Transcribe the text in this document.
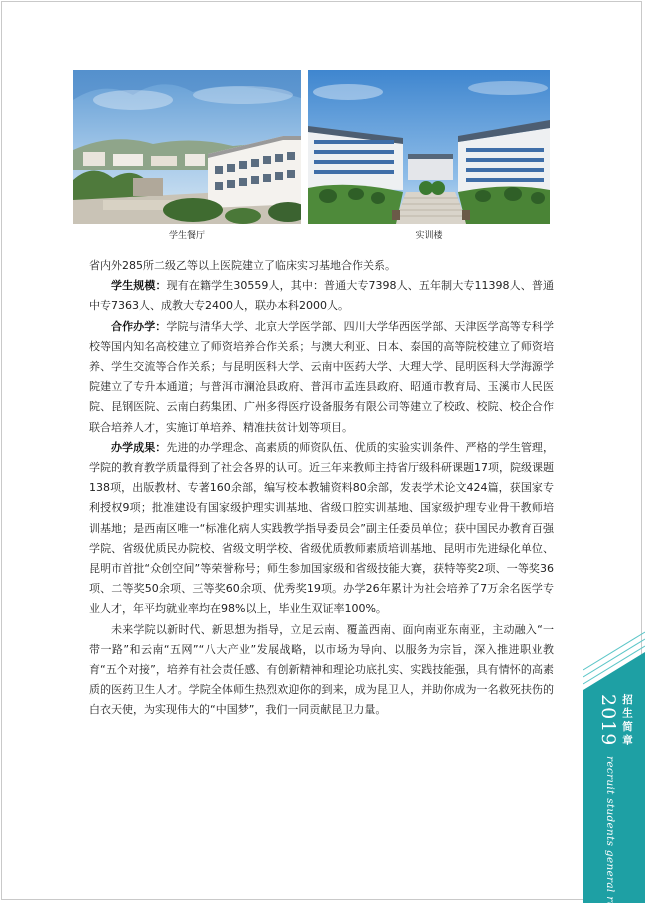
学生餐厅	实训楼

省内外285所二级乙等以上医院建立了临床实习基地合作关系。

学生规模：现有在籍学生30559人，其中：普通大专7398人、五年制大专11398人、普通中专7363人、成教大专2400人，联办本科2000人。

合作办学：学院与清华大学、北京大学医学部、四川大学华西医学部、天津医学高等专科学校等国内知名高校建立了师资培养合作关系；与澳大利亚、日本、泰国的高等院校建立了师资培养、学生交流等合作关系；与昆明医科大学、云南中医药大学、大理大学、昆明医科大学海源学院建立了专升本通道；与普洱市澜沧县政府、普洱市孟连县政府、昭通市教育局、玉溪市人民医院、昆钢医院、云南白药集团、广州多得医疗设备服务有限公司等建立了校政、校院、校企合作联合培养人才，实施订单培养、精准扶贫计划等项目。

办学成果：先进的办学理念、高素质的师资队伍、优质的实验实训条件、严格的学生管理，学院的教育教学质量得到了社会各界的认可。近三年来教师主持省厅级科研课题17项，院级课题138项，出版教材、专著160余部，编写校本教辅资料80余部，发表学术论文424篇，获国家专利授权9项；批准建设有国家级护理实训基地、省级口腔实训基地、国家级护理专业骨干教师培训基地；是西南区唯一“标准化病人实践教学指导委员会”副主任委员单位；获中国民办教育百强学院、省级优质民办院校、省级文明学校、省级优质教师素质培训基地、昆明市先进绿化单位、昆明市首批“众创空间”等荣誉称号；师生参加国家级和省级技能大赛，获特等奖2项、一等奖36项、二等奖50余项、三等奖60余项、优秀奖19项。办学26年累计为社会培养了7万余名医学专业人才，年平均就业率均在98%以上，毕业生双证率100%。

未来学院以新时代、新思想为指导，立足云南、覆盖西南、面向南亚东南亚，主动融入“一带一路”和云南“五网”“八大产业”发展战略，以市场为导向、以服务为宗旨，深入推进职业教育“五个对接”，培养有社会责任感、有创新精神和理论功底扎实、实践技能强，具有情怀的高素质的医药卫生人才。学院全体师生热烈欢迎你的到来，成为昆卫人，并助你成为一名救死扶伤的白衣天使，为实现伟大的“中国梦”，我们一同贡献昆卫力量。	2019 招生简章
recruit students general rules
